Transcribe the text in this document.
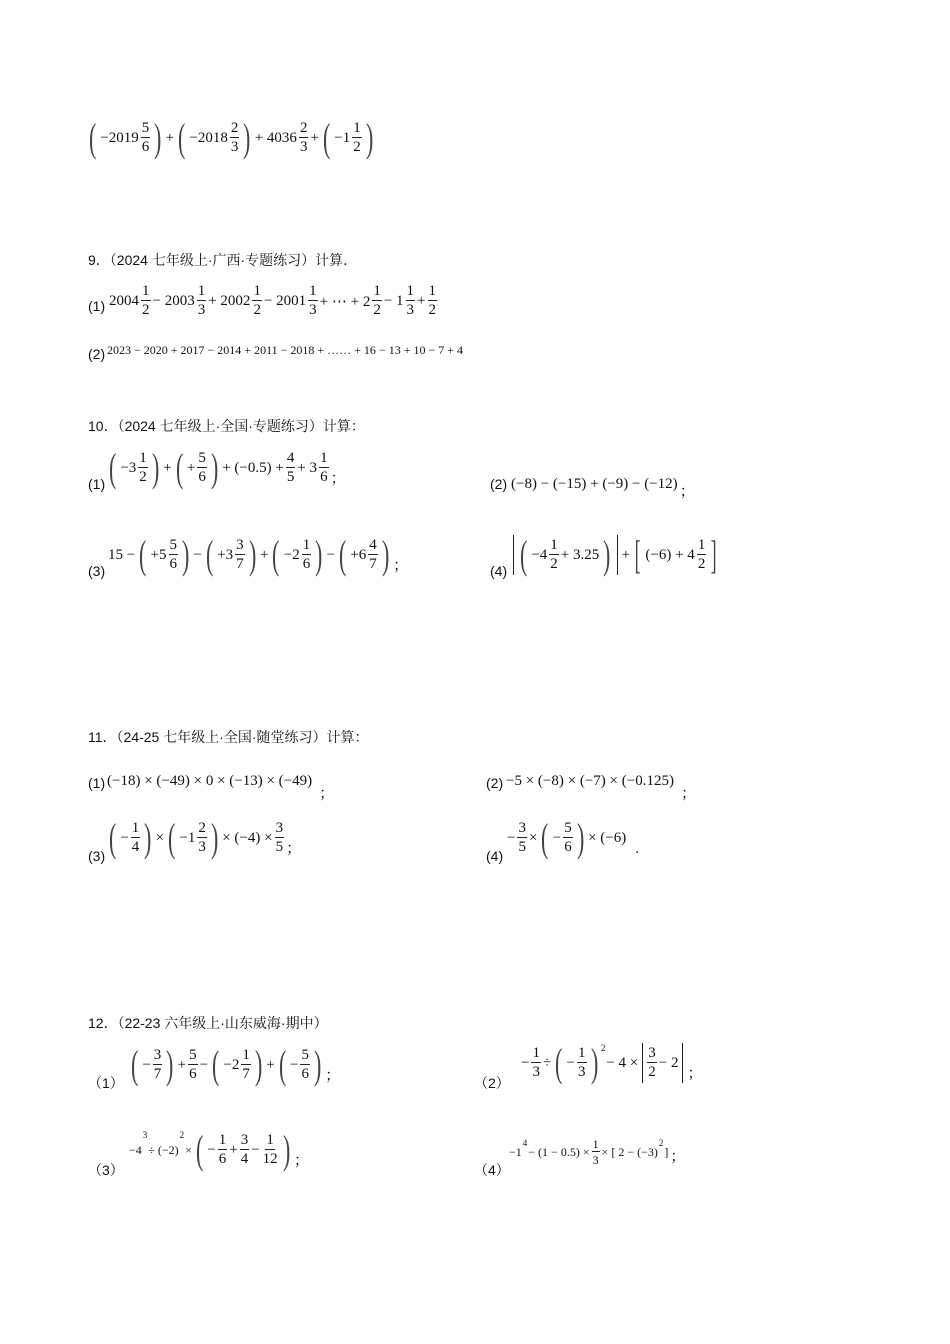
( $-2019 \frac{5}{6}$ ) + ( $-2018 \frac{2}{3}$ ) + $4036 \frac{2}{3}$ + ( $-1 \frac{1}{2}$ )
9．（2024 七年级上·广西·专题练习）计算．
(1) $2004 \frac{1}{2} - 2003 \frac{1}{3} + 2002 \frac{1}{2} - 2001 \frac{1}{3}$ + ⋯ + $2 \frac{1}{2} - 1 \frac{1}{3} + \frac{1}{2}$
(2) 2023 − 2020 + 2017 − 2014 + 2011 − 2018 + …… + 16 − 13 + 10 − 7 + 4
10．（2024 七年级上·全国·专题练习）计算：
(1) ( $-3 \frac{1}{2}$ ) + ( + $\frac{5}{6}$ ) + $(-0.5) + \frac{4}{5} + 3 \frac{1}{6}$ ；	(2) (−8) − (−15) + (−9) − (−12) ；
(3)
15 − ( $+5 \frac{5}{6}$ ) − ( $+3 \frac{3}{7}$ ) + ( $-2 \frac{1}{6}$ ) − ( $+6 \frac{4}{7}$ ) ；	(4) ( $-4 \frac{1}{2} + 3.25$ ) + [ $(-6) + 4 \frac{1}{2}$ ]
11．（24-25 七年级上·全国·随堂练习）计算：
(1) (−18) × (−49) × 0 × (−13) × (−49)
；
(2) −5 × (−8) × (−7) × (−0.125)
；
(3) ( − $\frac{1}{4}$ ) × ( $-1 \frac{2}{3}$ ) × $(-4) \times \frac{3}{5}$ ；	(4)
− $\frac{3}{5}$ × ( − $\frac{5}{6}$ ) × (−6)
.
12．（22-23 六年级上·山东威海·期中）
（1） ( − $\frac{3}{7}$ ) + $\frac{5}{6}$ − ( $-2 \frac{1}{7}$ ) + ( − $\frac{5}{6}$ ) ；	（2）
− $\frac{1}{3}$ ÷ ( − $\frac{1}{3}$ ) 2
− $4 \times \frac{3}{2} - 2$
；
（3）
−4
3
÷ (−2)
2
× ( − $\frac{1}{6} + \frac{3}{4} - \frac{1}{12}$ ) ；
（4）
−1
4
− $(1 - 0.5) \times \frac{1}{3}$ × [ 2 − (−3)
2
] ；
